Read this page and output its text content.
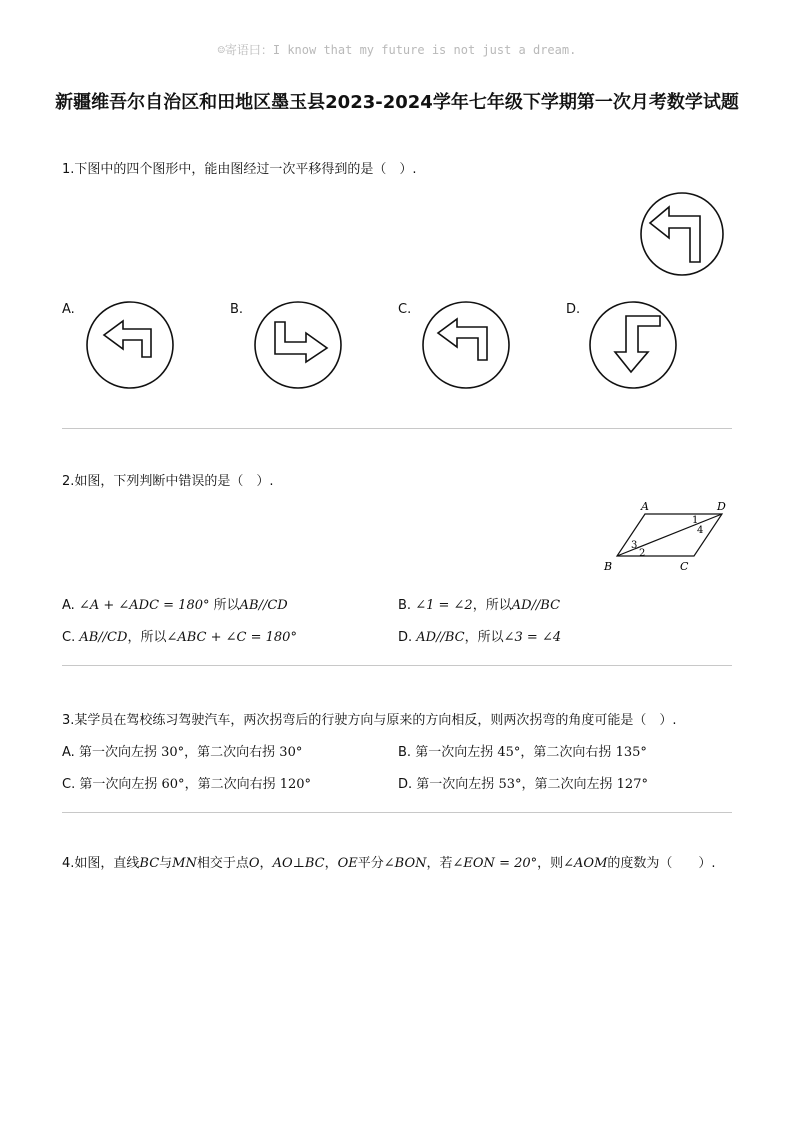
☺寄语曰：I know that my future is not just a dream.
新疆维吾尔自治区和田地区墨玉县2023-2024学年七年级下学期第一次月考数学试题
1.下图中的四个图形中，能由图经过一次平移得到的是（　）.
A.	B.	C.	D.
2.如图，下列判断中错误的是（　）.
A	D
B	C
1
4
3
2
A. ∠A + ∠ADC = 180° 所以AB//CD	B. ∠1 = ∠2，所以AD//BC
C. AB//CD，所以∠ABC + ∠C = 180°	D. AD//BC，所以∠3 = ∠4
3.某学员在驾校练习驾驶汽车，两次拐弯后的行驶方向与原来的方向相反，则两次拐弯的角度可能是（　）.
A. 第一次向左拐 30°，第二次向右拐 30°	B. 第一次向左拐 45°，第二次向右拐 135°
C. 第一次向左拐 60°，第二次向右拐 120°	D. 第一次向左拐 53°，第二次向左拐 127°
4.如图，直线BC与MN相交于点O，AO⊥BC，OE平分∠BON，若∠EON = 20°，则∠AOM的度数为（　　）.
